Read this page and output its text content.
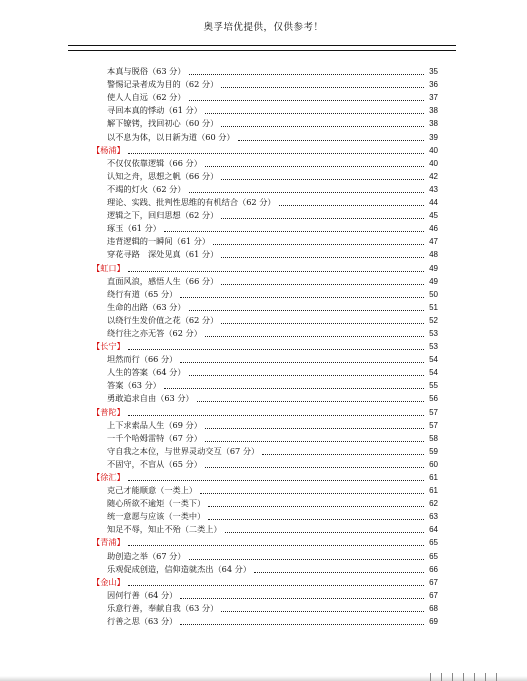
奥孚培优提供，仅供参考！
本真与脱俗（63 分）	35
警惕记录者成为目的（62 分）	36
使人人自远（62 分）	37
寻回本真的悸动（61 分）	38
解下镣铐，找回初心（60 分）	38
以不息为体，以日新为道（60 分）	39
【杨浦】	40
不仅仅依靠逻辑（66 分）	40
认知之舟，思想之帆（66 分）	42
不竭的灯火（62 分）	43
理论、实践、批判性思维的有机结合（62 分）	44
逻辑之下，回归思想（62 分）	45
琢玉（61 分）	46
违背逻辑的一瞬间（61 分）	47
穿花寻路　深处见真（61 分）	48
【虹口】	49
直面风浪，感悟人生（66 分）	49
绕行有道（65 分）	50
生命的出路（63 分）	51
以绕行生发价值之花（62 分）	52
绕行往之亦无答（62 分）	53
【长宁】	53
坦然而行（66 分）	54
人生的答案（64 分）	54
答案（63 分）	55
勇敢追求自由（63 分）	56
【普陀】	57
上下求索品人生（69 分）	57
一千个哈姆雷特（67 分）	58
守自我之本位，与世界灵动交互（67 分）	59
不固守，不盲从（65 分）	60
【徐汇】	61
克己才能顺意（一类上）	61
随心所欲不逾矩（一类下）	62
统一意愿与应该（一类中）	63
知足不辱，知止不殆（二类上）	64
【青浦】	65
助创造之举（67 分）	65
乐观促成创造，信仰造就杰出（64 分）	66
【金山】	67
因何行善（64 分）	67
乐意行善，奉献自我（63 分）	68
行善之思（63 分）	69
